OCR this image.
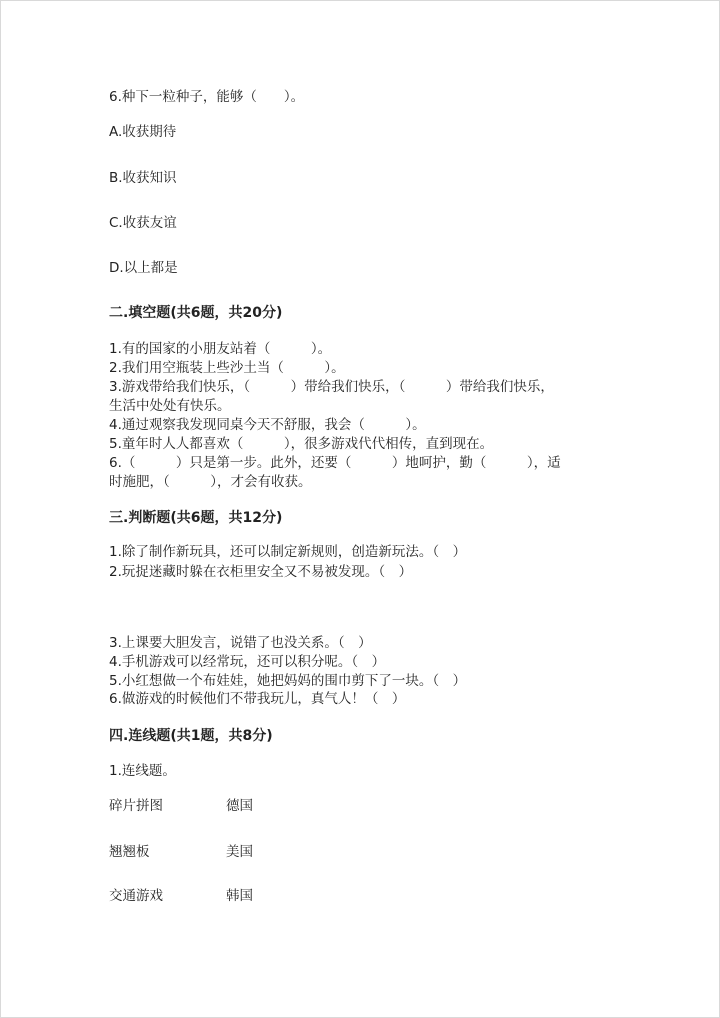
6.种下一粒种子，能够（　　）。
A.收获期待
B.收获知识
C.收获友谊
D.以上都是
二.填空题(共6题，共20分)
1.有的国家的小朋友站着（　　　）。
2.我们用空瓶装上些沙土当（　　　）。
3.游戏带给我们快乐，（　　　）带给我们快乐，（　　　）带给我们快乐，
生活中处处有快乐。
4.通过观察我发现同桌今天不舒服，我会（　　　）。
5.童年时人人都喜欢（　　　），很多游戏代代相传，直到现在。
6.（　　　）只是第一步。此外，还要（　　　）地呵护，勤（　　　），适
时施肥，（　　　），才会有收获。
三.判断题(共6题，共12分)
1.除了制作新玩具，还可以制定新规则，创造新玩法。（　）
2.玩捉迷藏时躲在衣柜里安全又不易被发现。（　）
3.上课要大胆发言，说错了也没关系。（　）
4.手机游戏可以经常玩，还可以积分呢。（　）
5.小红想做一个布娃娃，她把妈妈的围巾剪下了一块。（　）
6.做游戏的时候他们不带我玩儿，真气人！（　）
四.连线题(共1题，共8分)
1.连线题。
碎片拼图	德国
翘翘板	美国
交通游戏	韩国
